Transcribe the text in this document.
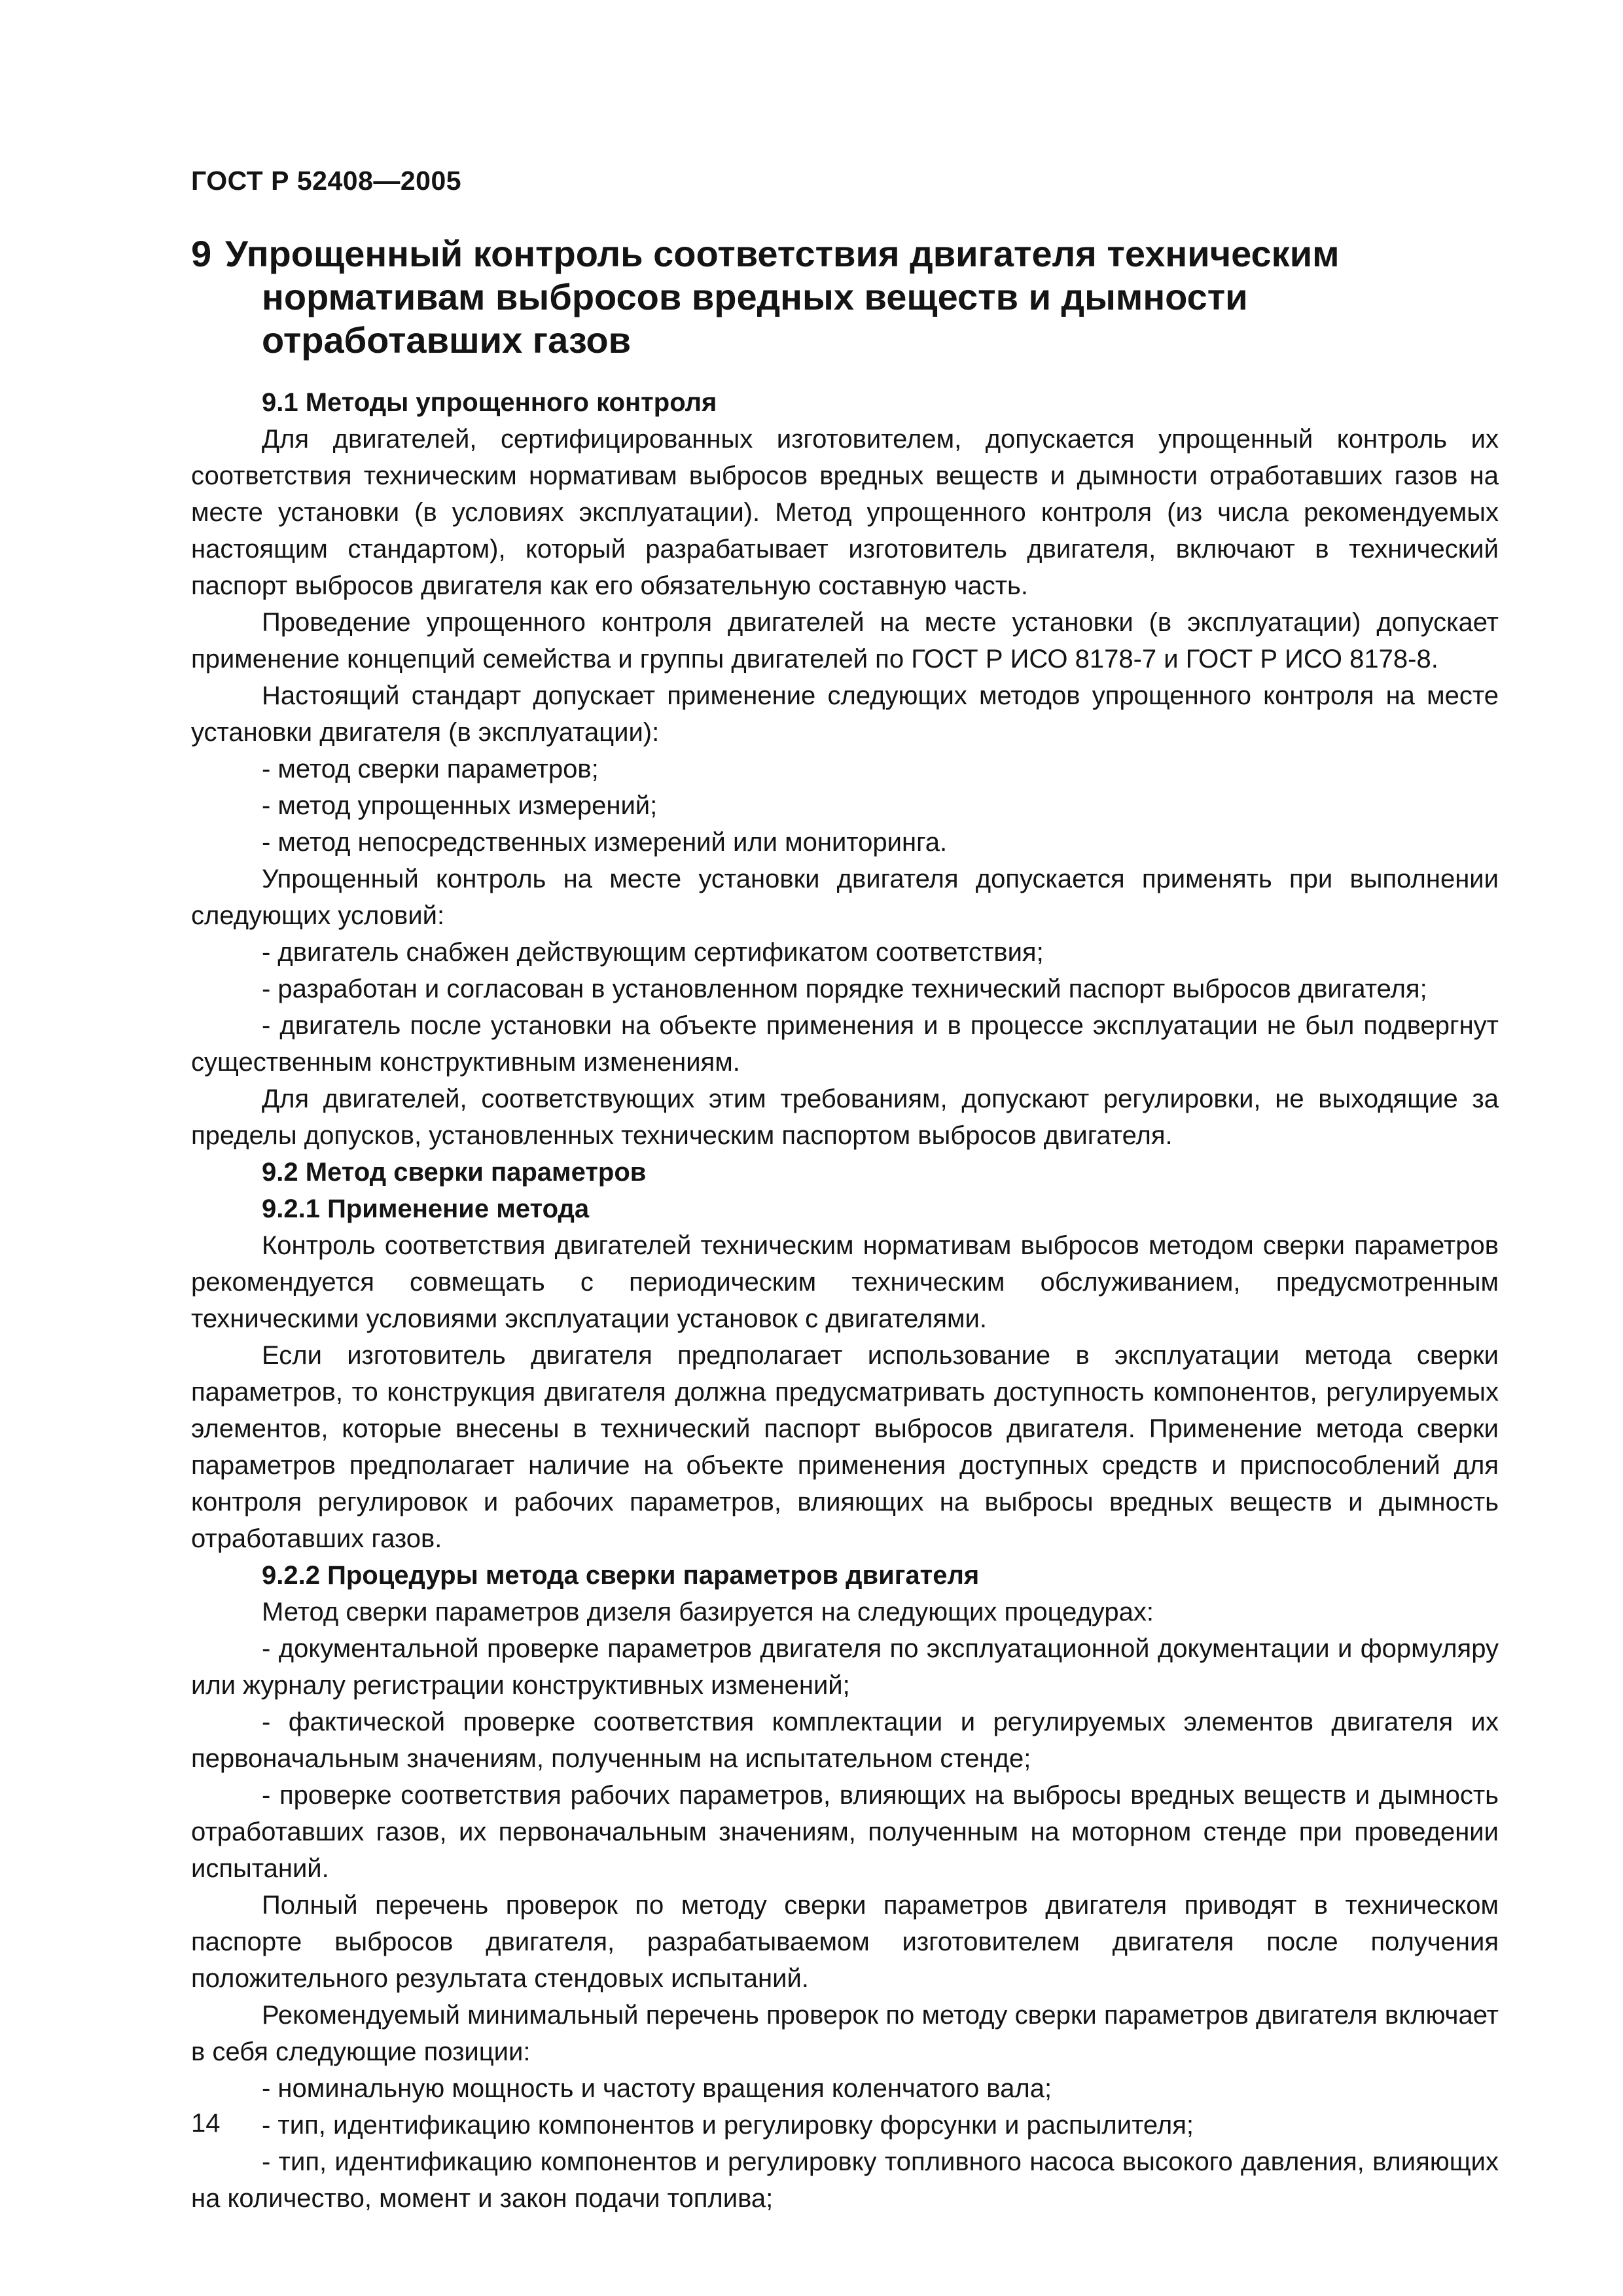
ГОСТ Р 52408—2005
9 Упрощенный контроль соответствия двигателя техническим нормативам выбросов вредных веществ и дымности отработавших газов
9.1 Методы упрощенного контроля
Для двигателей, сертифицированных изготовителем, допускается упрощенный контроль их соответствия техническим нормативам выбросов вредных веществ и дымности отработавших газов на месте установки (в условиях эксплуатации). Метод упрощенного контроля (из числа рекомендуемых настоящим стандартом), который разрабатывает изготовитель двигателя, включают в технический паспорт выбросов двигателя как его обязательную составную часть.
Проведение упрощенного контроля двигателей на месте установки (в эксплуатации) допускает применение концепций семейства и группы двигателей по ГОСТ Р ИСО 8178-7 и ГОСТ Р ИСО 8178-8.
Настоящий стандарт допускает применение следующих методов упрощенного контроля на месте установки двигателя (в эксплуатации):
- метод сверки параметров;
- метод упрощенных измерений;
- метод непосредственных измерений или мониторинга.
Упрощенный контроль на месте установки двигателя допускается применять при выполнении следующих условий:
- двигатель снабжен действующим сертификатом соответствия;
- разработан и согласован в установленном порядке технический паспорт выбросов двигателя;
- двигатель после установки на объекте применения и в процессе эксплуатации не был подвергнут существенным конструктивным изменениям.
Для двигателей, соответствующих этим требованиям, допускают регулировки, не выходящие за пределы допусков, установленных техническим паспортом выбросов двигателя.
9.2 Метод сверки параметров
9.2.1 Применение метода
Контроль соответствия двигателей техническим нормативам выбросов методом сверки параметров рекомендуется совмещать с периодическим техническим обслуживанием, предусмотренным техническими условиями эксплуатации установок с двигателями.
Если изготовитель двигателя предполагает использование в эксплуатации метода сверки параметров, то конструкция двигателя должна предусматривать доступность компонентов, регулируемых элементов, которые внесены в технический паспорт выбросов двигателя. Применение метода сверки параметров предполагает наличие на объекте применения доступных средств и приспособлений для контроля регулировок и рабочих параметров, влияющих на выбросы вредных веществ и дымность отработавших газов.
9.2.2 Процедуры метода сверки параметров двигателя
Метод сверки параметров дизеля базируется на следующих процедурах:
- документальной проверке параметров двигателя по эксплуатационной документации и формуляру или журналу регистрации конструктивных изменений;
- фактической проверке соответствия комплектации и регулируемых элементов двигателя их первоначальным значениям, полученным на испытательном стенде;
- проверке соответствия рабочих параметров, влияющих на выбросы вредных веществ и дымность отработавших газов, их первоначальным значениям, полученным на моторном стенде при проведении испытаний.
Полный перечень проверок по методу сверки параметров двигателя приводят в техническом паспорте выбросов двигателя, разрабатываемом изготовителем двигателя после получения положительного результата стендовых испытаний.
Рекомендуемый минимальный перечень проверок по методу сверки параметров двигателя включает в себя следующие позиции:
- номинальную мощность и частоту вращения коленчатого вала;
- тип, идентификацию компонентов и регулировку форсунки и распылителя;
- тип, идентификацию компонентов и регулировку топливного насоса высокого давления, влияющих на количество, момент и закон подачи топлива;
14
